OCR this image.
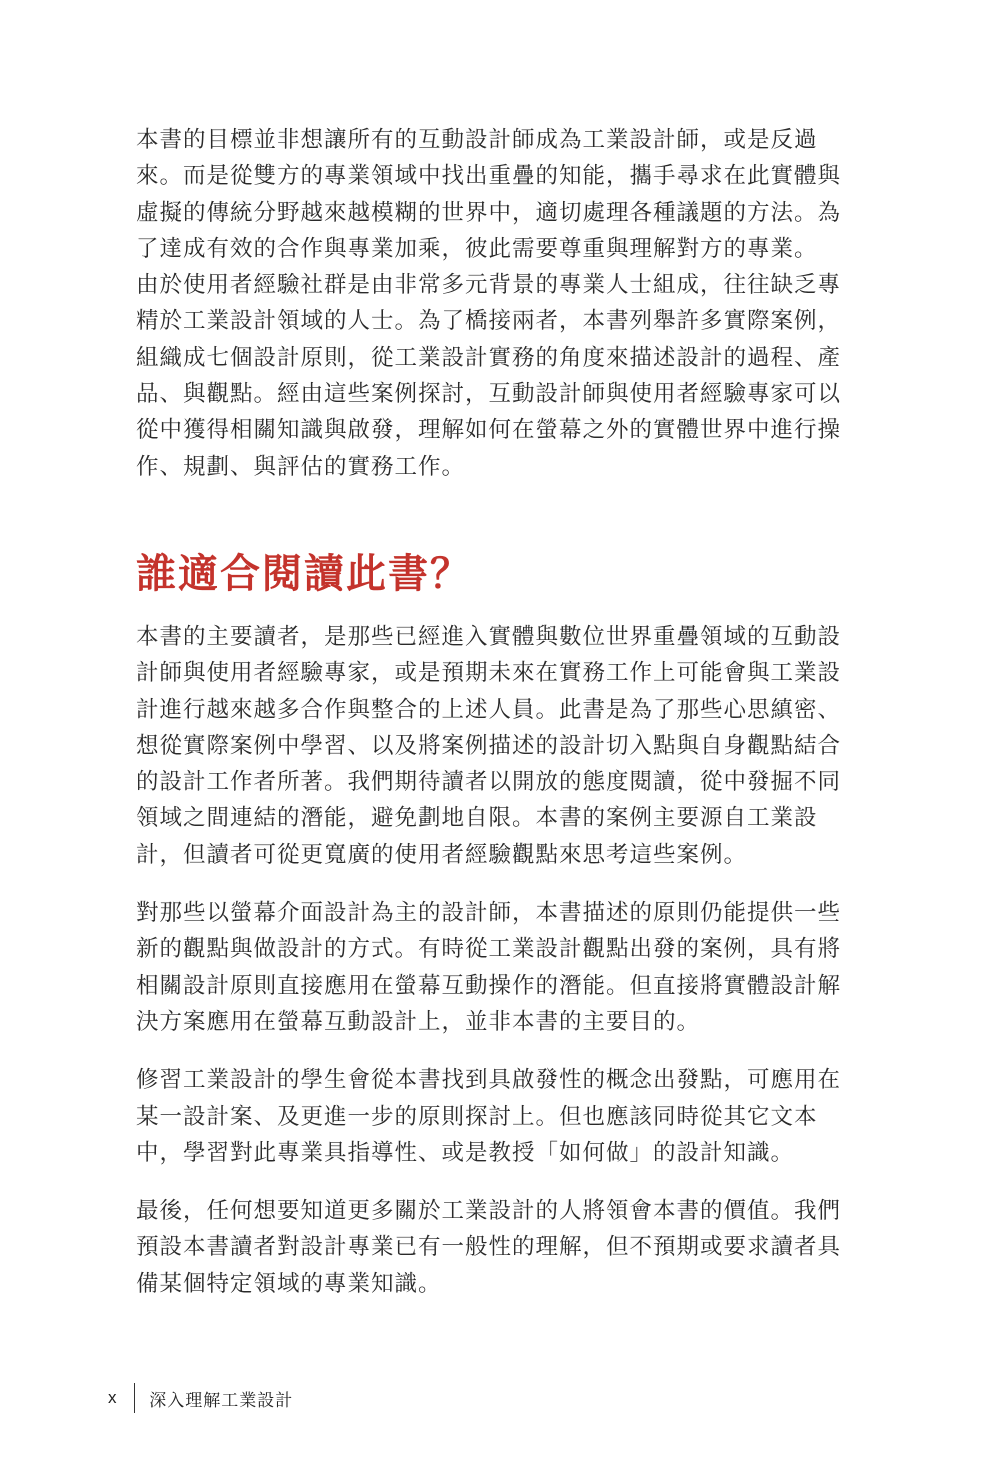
本書的目標並非想讓所有的互動設計師成為工業設計師，或是反過
來。而是從雙方的專業領域中找出重疊的知能，攜手尋求在此實體與
虛擬的傳統分野越來越模糊的世界中，適切處理各種議題的方法。為
了達成有效的合作與專業加乘，彼此需要尊重與理解對方的專業。
由於使用者經驗社群是由非常多元背景的專業人士組成，往往缺乏專
精於工業設計領域的人士。為了橋接兩者，本書列舉許多實際案例，
組織成七個設計原則，從工業設計實務的角度來描述設計的過程、產
品、與觀點。經由這些案例探討，互動設計師與使用者經驗專家可以
從中獲得相關知識與啟發，理解如何在螢幕之外的實體世界中進行操
作、規劃、與評估的實務工作。

誰適合閱讀此書？

本書的主要讀者，是那些已經進入實體與數位世界重疊領域的互動設
計師與使用者經驗專家，或是預期未來在實務工作上可能會與工業設
計進行越來越多合作與整合的上述人員。此書是為了那些心思縝密、
想從實際案例中學習、以及將案例描述的設計切入點與自身觀點結合
的設計工作者所著。我們期待讀者以開放的態度閱讀，從中發掘不同
領域之間連結的潛能，避免劃地自限。本書的案例主要源自工業設
計，但讀者可從更寬廣的使用者經驗觀點來思考這些案例。

對那些以螢幕介面設計為主的設計師，本書描述的原則仍能提供一些
新的觀點與做設計的方式。有時從工業設計觀點出發的案例，具有將
相關設計原則直接應用在螢幕互動操作的潛能。但直接將實體設計解
決方案應用在螢幕互動設計上，並非本書的主要目的。

修習工業設計的學生會從本書找到具啟發性的概念出發點，可應用在
某一設計案、及更進一步的原則探討上。但也應該同時從其它文本
中，學習對此專業具指導性、或是教授「如何做」的設計知識。

最後，任何想要知道更多關於工業設計的人將領會本書的價值。我們
預設本書讀者對設計專業已有一般性的理解，但不預期或要求讀者具
備某個特定領域的專業知識。

x	深入理解工業設計
